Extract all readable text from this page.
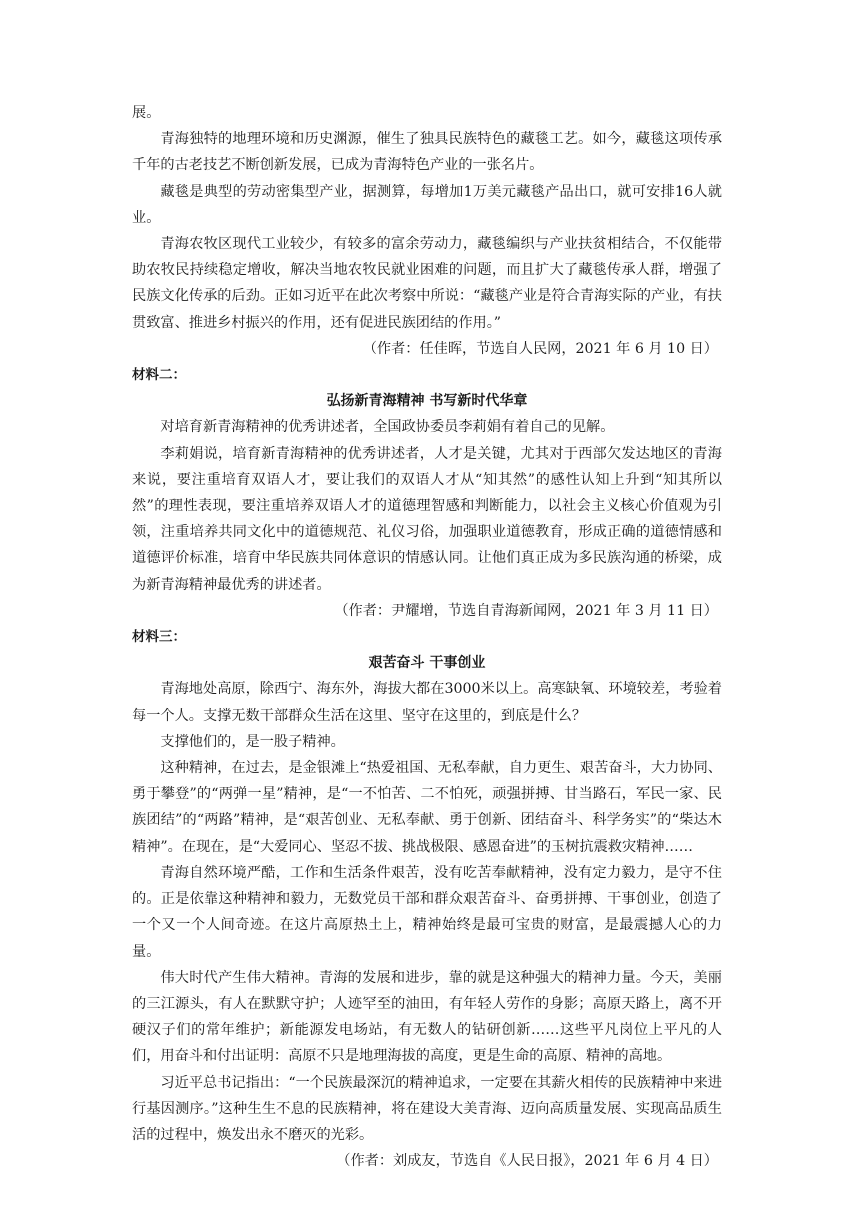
展。

青海独特的地理环境和历史渊源，催生了独具民族特色的藏毯工艺。如今，藏毯这项传承千年的古老技艺不断创新发展，已成为青海特色产业的一张名片。

藏毯是典型的劳动密集型产业，据测算，每增加1万美元藏毯产品出口，就可安排16人就业。

青海农牧区现代工业较少，有较多的富余劳动力，藏毯编织与产业扶贫相结合，不仅能带助农牧民持续稳定增收，解决当地农牧民就业困难的问题，而且扩大了藏毯传承人群，增强了民族文化传承的后劲。正如习近平在此次考察中所说：“藏毯产业是符合青海实际的产业，有扶贯致富、推进乡村振兴的作用，还有促进民族团结的作用。”

（作者：任佳晖，节选自人民网，2021 年 6 月 10 日）

材料二：

弘扬新青海精神 书写新时代华章

对培育新青海精神的优秀讲述者，全国政协委员李莉娟有着自己的见解。

李莉娟说，培育新青海精神的优秀讲述者，人才是关键，尤其对于西部欠发达地区的青海来说，要注重培育双语人才，要让我们的双语人才从“知其然”的感性认知上升到“知其所以然”的理性表现，要注重培养双语人才的道德理智感和判断能力，以社会主义核心价值观为引领，注重培养共同文化中的道德规范、礼仪习俗，加强职业道德教育，形成正确的道德情感和道德评价标准，培育中华民族共同体意识的情感认同。让他们真正成为多民族沟通的桥梁，成为新青海精神最优秀的讲述者。

（作者：尹耀增，节选自青海新闻网，2021 年 3 月 11 日）

材料三：

艰苦奋斗 干事创业

青海地处高原，除西宁、海东外，海拔大都在3000米以上。高寒缺氧、环境较差，考验着每一个人。支撑无数干部群众生活在这里、坚守在这里的，到底是什么？

支撑他们的，是一股子精神。

这种精神，在过去，是金银滩上“热爱祖国、无私奉献，自力更生、艰苦奋斗，大力协同、勇于攀登”的“两弹一星”精神，是“一不怕苦、二不怕死，顽强拼搏、甘当路石，军民一家、民族团结”的“两路”精神，是“艰苦创业、无私奉献、勇于创新、团结奋斗、科学务实”的“柴达木精神”。在现在，是“大爱同心、坚忍不拔、挑战极限、感恩奋进”的玉树抗震救灾精神……

青海自然环境严酷，工作和生活条件艰苦，没有吃苦奉献精神，没有定力毅力，是守不住的。正是依靠这种精神和毅力，无数党员干部和群众艰苦奋斗、奋勇拼搏、干事创业，创造了一个又一个人间奇迹。在这片高原热土上，精神始终是最可宝贵的财富，是最震撼人心的力量。

伟大时代产生伟大精神。青海的发展和进步，靠的就是这种强大的精神力量。今天，美丽的三江源头，有人在默默守护；人迹罕至的油田，有年轻人劳作的身影；高原天路上，离不开硬汉子们的常年维护；新能源发电场站，有无数人的钻研创新……这些平凡岗位上平凡的人们，用奋斗和付出证明：高原不只是地理海拔的高度，更是生命的高原、精神的高地。

习近平总书记指出：“一个民族最深沉的精神追求，一定要在其薪火相传的民族精神中来进行基因测序。”这种生生不息的民族精神，将在建设大美青海、迈向高质量发展、实现高品质生活的过程中，焕发出永不磨灭的光彩。

（作者：刘成友，节选自《人民日报》，2021 年 6 月 4 日）
